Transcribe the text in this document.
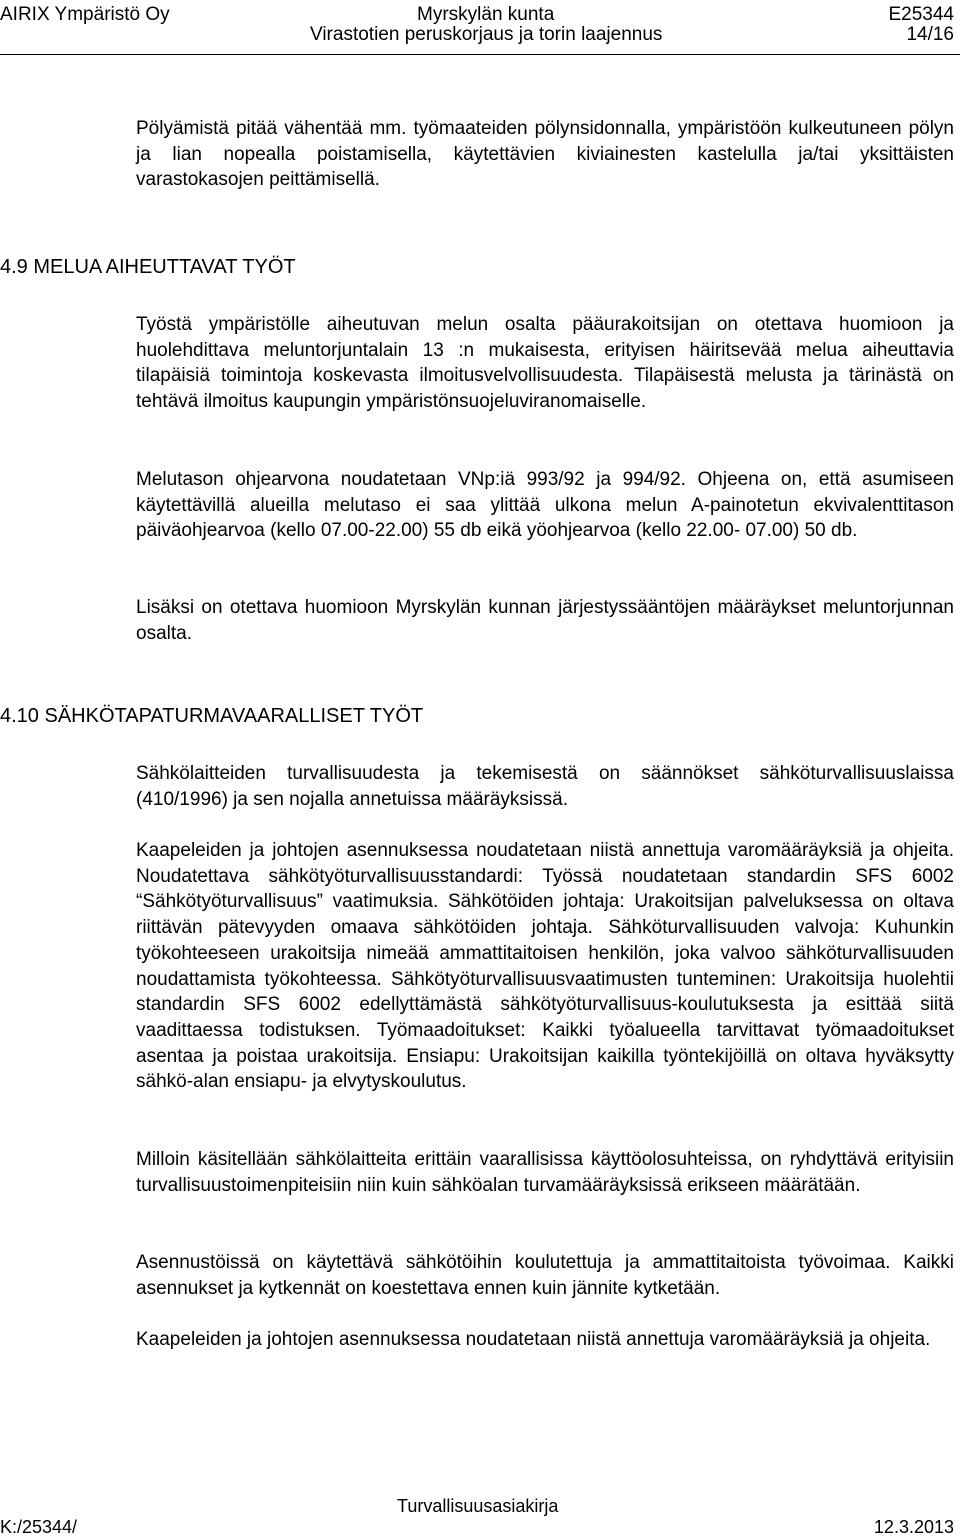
AIRIX Ympäristö Oy	Myrskylän kunta	E25344
Virastotien peruskorjaus ja torin laajennus	14/16

Pölyämistä pitää vähentää mm. työmaateiden pölynsidonnalla, ympäristöön kulkeutuneen pölyn ja lian nopealla poistamisella, käytettävien kiviainesten kastelulla ja/tai yksittäisten varastokasojen peittämisellä.

4.9 MELUA AIHEUTTAVAT TYÖT

Työstä ympäristölle aiheutuvan melun osalta pääurakoitsijan on otettava huomioon ja huolehdittava meluntorjuntalain 13 :n mukaisesta, erityisen häiritsevää melua aiheuttavia tilapäisiä toimintoja koskevasta ilmoitusvelvollisuudesta. Tilapäisestä melusta ja tärinästä on tehtävä ilmoitus kaupungin ympäristönsuojeluviranomaiselle.

Melutason ohjearvona noudatetaan VNp:iä 993/92 ja 994/92. Ohjeena on, että asumiseen käytettävillä alueilla melutaso ei saa ylittää ulkona melun A-painotetun ekvivalenttitason päiväohjearvoa (kello 07.00-22.00) 55 db eikä yöohjearvoa (kello 22.00- 07.00) 50 db.

Lisäksi on otettava huomioon Myrskylän kunnan järjestyssääntöjen määräykset meluntorjunnan osalta.

4.10 SÄHKÖTAPATURMAVAARALLISET TYÖT

Sähkölaitteiden turvallisuudesta ja tekemisestä on säännökset sähköturvallisuuslaissa (410/1996) ja sen nojalla annetuissa määräyksissä.

Kaapeleiden ja johtojen asennuksessa noudatetaan niistä annettuja varomääräyksiä ja ohjeita. Noudatettava sähkötyöturvallisuusstandardi: Työssä noudatetaan standardin SFS 6002 “Sähkötyöturvallisuus” vaatimuksia. Sähkötöiden johtaja: Urakoitsijan palveluksessa on oltava riittävän pätevyyden omaava sähkötöiden johtaja. Sähköturvallisuuden valvoja: Kuhunkin työkohteeseen urakoitsija nimeää ammattitaitoisen henkilön, joka valvoo sähköturvallisuuden noudattamista työkohteessa. Sähkötyöturvallisuusvaatimusten tunteminen: Urakoitsija huolehtii standardin SFS 6002 edellyttämästä sähkötyöturvallisuus-koulutuksesta ja esittää siitä vaadittaessa todistuksen. Työmaadoitukset: Kaikki työalueella tarvittavat työmaadoitukset asentaa ja poistaa urakoitsija. Ensiapu: Urakoitsijan kaikilla työntekijöillä on oltava hyväksytty sähkö-alan ensiapu- ja elvytyskoulutus.

Milloin käsitellään sähkölaitteita erittäin vaarallisissa käyttöolosuhteissa, on ryhdyttävä erityisiin turvallisuustoimenpiteisiin niin kuin sähköalan turvamääräyksissä erikseen määrätään.

Asennustöissä on käytettävä sähkötöihin koulutettuja ja ammattitaitoista työvoimaa. Kaikki asennukset ja kytkennät on koestettava ennen kuin jännite kytketään.

Kaapeleiden ja johtojen asennuksessa noudatetaan niistä annettuja varomääräyksiä ja ohjeita.

Turvallisuusasiakirja
K:/25344/	12.3.2013
